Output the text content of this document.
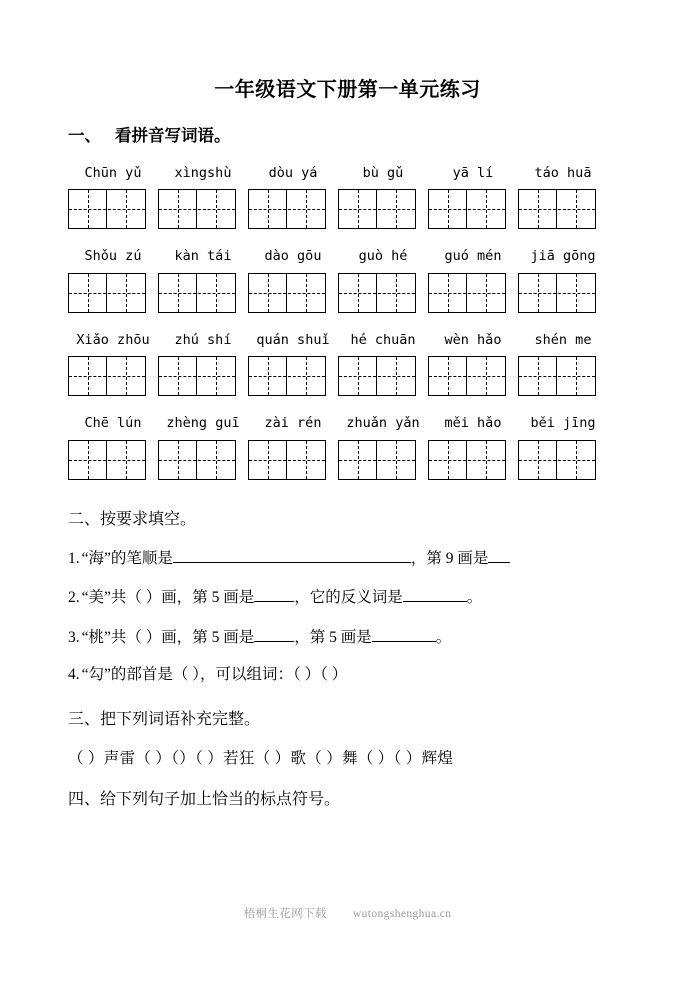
一年级语文下册第一单元练习
一、 看拼音写词语。
Chūn yǔ	xìngshù	dòu yá	bù gǔ	yā lí	táo huā
Shǒu zú	kàn tái	dào gōu	guò hé	guó mén	jiā gōng
Xiǎo zhōu	zhú shí	quán shuǐ	hé chuān	wèn hǎo	shén me
Chē lún	zhèng guī	zài rén	zhuǎn yǎn	měi hǎo	běi jīng
二、按要求填空。
1. “海”的笔顺是	，第 9 画是
2. “美”共（ ）画，第 5 画是	，它的反义词是	。
3. “桃”共（ ）画，第 5 画是	，第 5 画是	。
4. “勾”的部首是（ ），可以组词：（ ）（ ）
三、把下列词语补充完整。
（ ）声雷（ ）（）（ ）若狂（ ）歌（ ）舞（ ）（ ）辉煌
四、给下列句子加上恰当的标点符号。
梧桐生花网下载 wutongshenghua.cn
